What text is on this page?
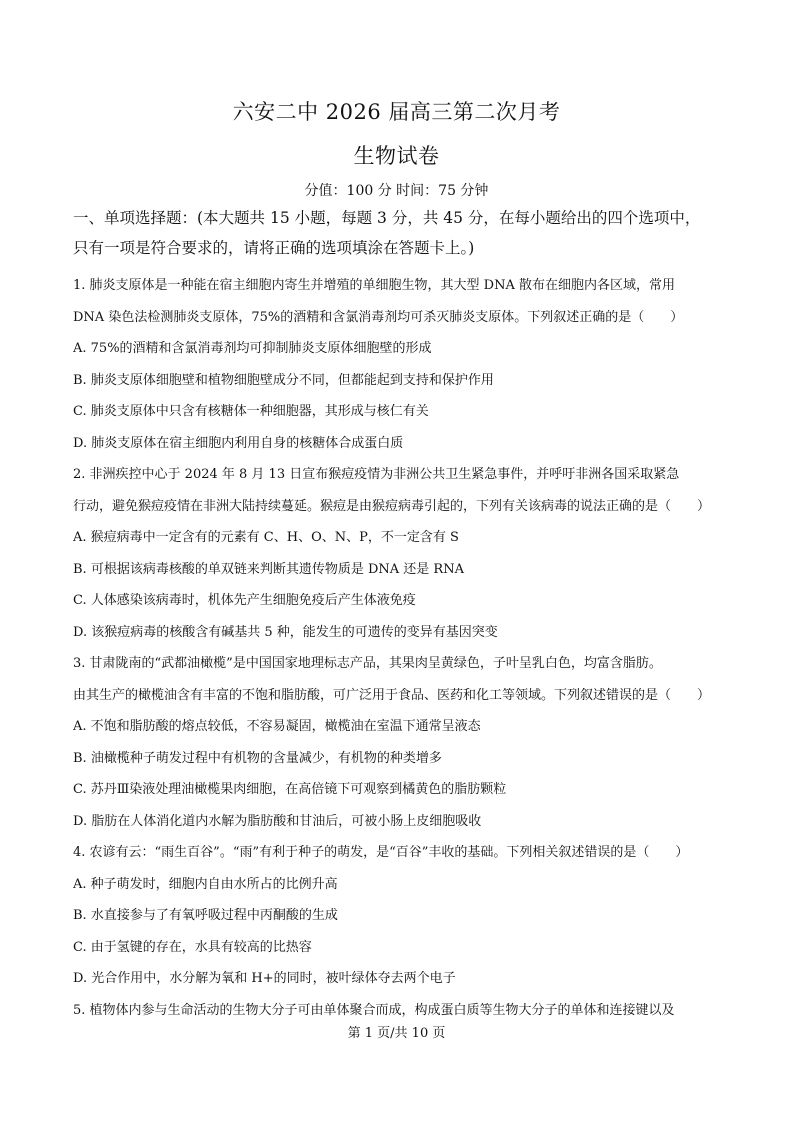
六安二中 2026 届高三第二次月考
生物试卷
分值：100 分 时间：75 分钟
一、单项选择题：(本大题共 15 小题，每题 3 分，共 45 分，在每小题给出的四个选项中，
只有一项是符合要求的，请将正确的选项填涂在答题卡上。)
1. 肺炎支原体是一种能在宿主细胞内寄生并增殖的单细胞生物，其大型 DNA 散布在细胞内各区域，常用
DNA 染色法检测肺炎支原体，75%的酒精和含氯消毒剂均可杀灭肺炎支原体。下列叙述正确的是（　　）
A. 75%的酒精和含氯消毒剂均可抑制肺炎支原体细胞壁的形成
B. 肺炎支原体细胞壁和植物细胞壁成分不同，但都能起到支持和保护作用
C. 肺炎支原体中只含有核糖体一种细胞器，其形成与核仁有关
D. 肺炎支原体在宿主细胞内利用自身的核糖体合成蛋白质
2. 非洲疾控中心于 2024 年 8 月 13 日宣布猴痘疫情为非洲公共卫生紧急事件，并呼吁非洲各国采取紧急
行动，避免猴痘疫情在非洲大陆持续蔓延。猴痘是由猴痘病毒引起的，下列有关该病毒的说法正确的是（　　）
A. 猴痘病毒中一定含有的元素有 C、H、O、N、P，不一定含有 S
B. 可根据该病毒核酸的单双链来判断其遗传物质是 DNA 还是 RNA
C. 人体感染该病毒时，机体先产生细胞免疫后产生体液免疫
D. 该猴痘病毒的核酸含有碱基共 5 种，能发生的可遗传的变异有基因突变
3. 甘肃陇南的“武都油橄榄”是中国国家地理标志产品，其果肉呈黄绿色，子叶呈乳白色，均富含脂肪。
由其生产的橄榄油含有丰富的不饱和脂肪酸，可广泛用于食品、医药和化工等领域。下列叙述错误的是（　　）
A. 不饱和脂肪酸的熔点较低，不容易凝固，橄榄油在室温下通常呈液态
B. 油橄榄种子萌发过程中有机物的含量减少，有机物的种类增多
C. 苏丹Ⅲ染液处理油橄榄果肉细胞，在高倍镜下可观察到橘黄色的脂肪颗粒
D. 脂肪在人体消化道内水解为脂肪酸和甘油后，可被小肠上皮细胞吸收
4. 农谚有云：“雨生百谷”。“雨”有利于种子的萌发，是“百谷”丰收的基础。下列相关叙述错误的是（　　）
A. 种子萌发时，细胞内自由水所占的比例升高
B. 水直接参与了有氧呼吸过程中丙酮酸的生成
C. 由于氢键的存在，水具有较高的比热容
D. 光合作用中，水分解为氧和 H+的同时，被叶绿体夺去两个电子
5. 植物体内参与生命活动的生物大分子可由单体聚合而成，构成蛋白质等生物大分子的单体和连接键以及
第 1 页/共 10 页
